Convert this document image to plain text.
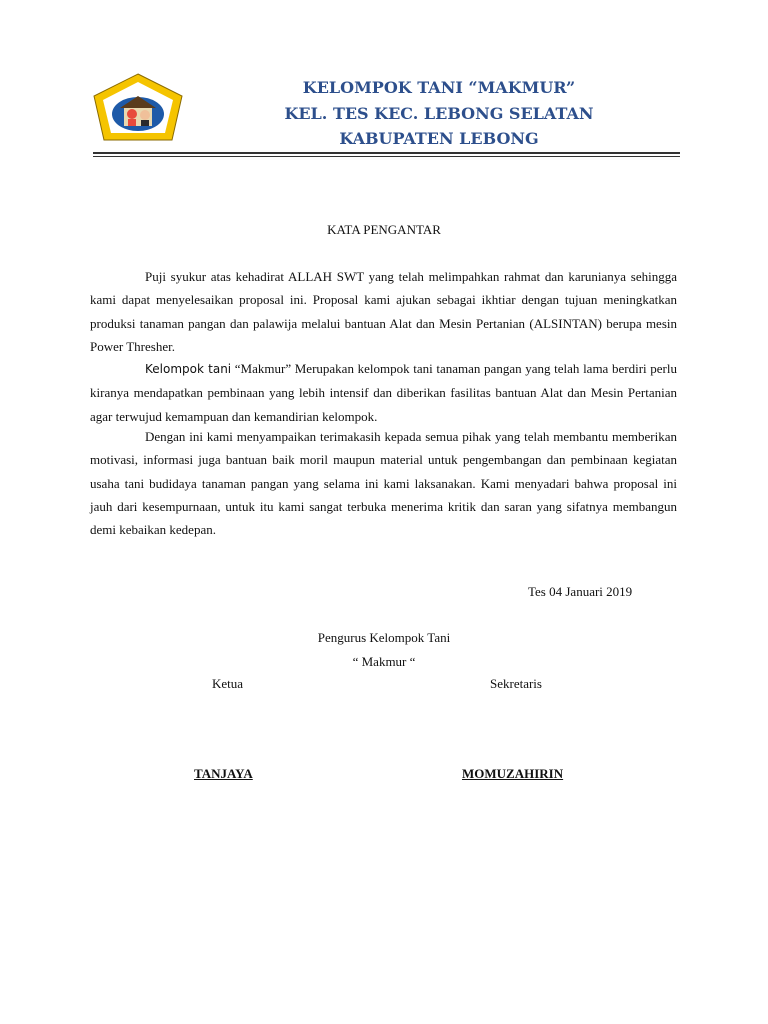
KELOMPOK TANI “MAKMUR”
KEL. TES KEC. LEBONG SELATAN
KABUPATEN LEBONG
KATA PENGANTAR

Puji syukur atas kehadirat ALLAH SWT yang telah melimpahkan rahmat dan karunianya sehingga kami dapat menyelesaikan proposal ini. Proposal kami ajukan sebagai ikhtiar dengan tujuan meningkatkan produksi tanaman pangan dan palawija melalui bantuan Alat dan Mesin Pertanian (ALSINTAN) berupa mesin Power Thresher.

Kelompok tani “Makmur” Merupakan kelompok tani tanaman pangan yang telah lama berdiri perlu kiranya mendapatkan pembinaan yang lebih intensif dan diberikan fasilitas bantuan Alat dan Mesin Pertanian agar terwujud kemampuan dan kemandirian kelompok.

Dengan ini kami menyampaikan terimakasih kepada semua pihak yang telah membantu memberikan motivasi, informasi juga bantuan baik moril maupun material untuk pengembangan dan pembinaan kegiatan usaha tani budidaya tanaman pangan yang selama ini kami laksanakan. Kami menyadari bahwa proposal ini jauh dari kesempurnaan, untuk itu kami sangat terbuka menerima kritik dan saran yang sifatnya membangun demi kebaikan kedepan.

Tes 04 Januari 2019
Pengurus Kelompok Tani
“ Makmur “
Ketua	Sekretaris
TANJAYA	MOMUZAHIRIN
